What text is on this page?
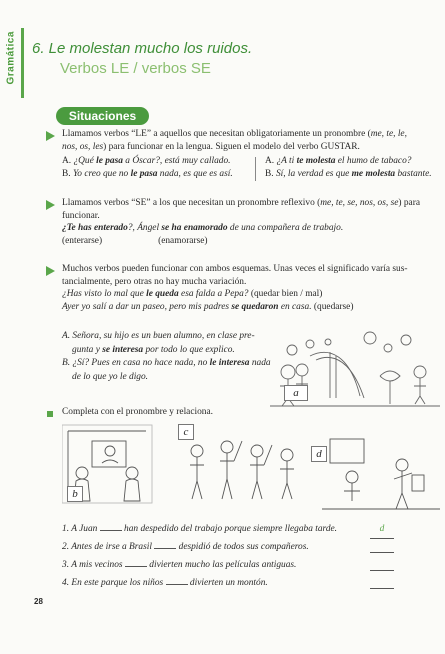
Gramática 6. Le molestan mucho los ruidos.
Verbos LE / verbos SE
Situaciones
Llamamos verbos “LE” a aquellos que necesitan obligatoriamente un pronombre (me, te, le,
nos, os, les) para funcionar en la lengua. Siguen el modelo del verbo GUSTAR.
A. ¿Qué le pasa a Óscar?, está muy callado.
B. Yo creo que no le pasa nada, es que es así.
A. ¿A ti te molesta el humo de tabaco?
B. Sí, la verdad es que me molesta bastante.
Llamamos verbos “SE” a los que necesitan un pronombre reflexivo (me, te, se, nos, os, se) para
funcionar.
¿Te has enterado?, Ángel se ha enamorado de una compañera de trabajo.
(enterarse)	(enamorarse)
Muchos verbos pueden funcionar con ambos esquemas. Unas veces el significado varía sus-
tancialmente, pero otras no hay mucha variación.
¿Has visto lo mal que le queda esa falda a Pepa? (quedar bien / mal)
Ayer yo salí a dar un paseo, pero mis padres se quedaron en casa. (quedarse)
A. Señora, su hijo es un buen alumno, en clase pre-
gunta y se interesa por todo lo que explico.
B. ¿Sí? Pues en casa no hace nada, no le interesa nada
de lo que yo le digo.
a
Completa con el pronombre y relaciona.
b
c
d
1. A Juan	han despedido del trabajo porque siempre llegaba tarde.	d
2. Antes de irse a Brasil	despidió de todos sus compañeros.
3. A mis vecinos	divierten mucho las películas antiguas.
4. En este parque los niños	divierten un montón.
28
